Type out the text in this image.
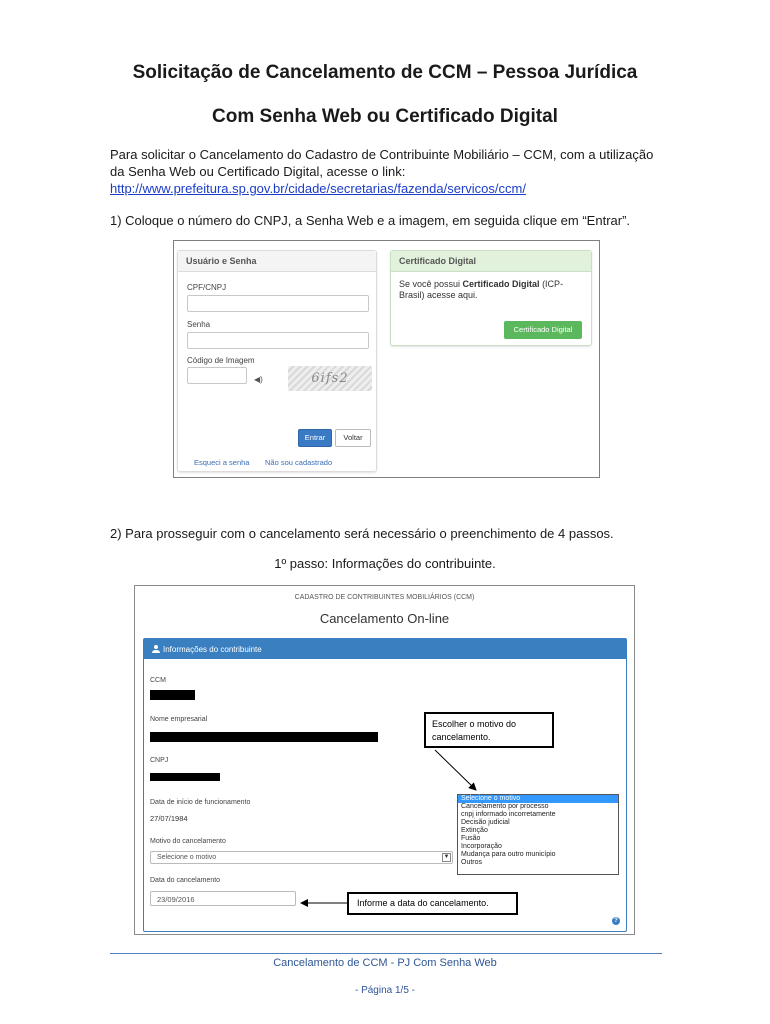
Solicitação de Cancelamento de CCM – Pessoa Jurídica
Com Senha Web ou Certificado Digital
Para solicitar o Cancelamento do Cadastro de Contribuinte Mobiliário – CCM, com a utilização da Senha Web ou Certificado Digital, acesse o link:
http://www.prefeitura.sp.gov.br/cidade/secretarias/fazenda/servicos/ccm/
1) Coloque o número do CNPJ, a Senha Web e a imagem, em seguida clique em “Entrar”.
Usuário e Senha
CPF/CNPJ
Senha
Código de Imagem
◀)	6ifs2
Entrar	Voltar
Esqueci a senha Não sou cadastrado
Certificado Digital
Se você possui Certificado Digital (ICP-Brasil) acesse aqui.
Certificado Digital
2) Para prosseguir com o cancelamento será necessário o preenchimento de 4 passos.
1º passo: Informações do contribuinte.
CADASTRO DE CONTRIBUINTES MOBILIÁRIOS (CCM)
Cancelamento On-line
Informações do contribuinte
CCM
Nome empresarial
CNPJ
Data de início de funcionamento
27/07/1984
Motivo do cancelamento
Selecione o motivo	▼
Data do cancelamento
23/09/2016
?
Escolher o motivo do cancelamento.
Informe a data do cancelamento.
Selecione o motivo
Cancelamento por processo
cnpj informado incorretamente
Decisão judicial
Extinção
Fusão
Incorporação
Mudança para outro município
Outros
Cancelamento de CCM - PJ Com Senha Web
- Página 1/5 -
